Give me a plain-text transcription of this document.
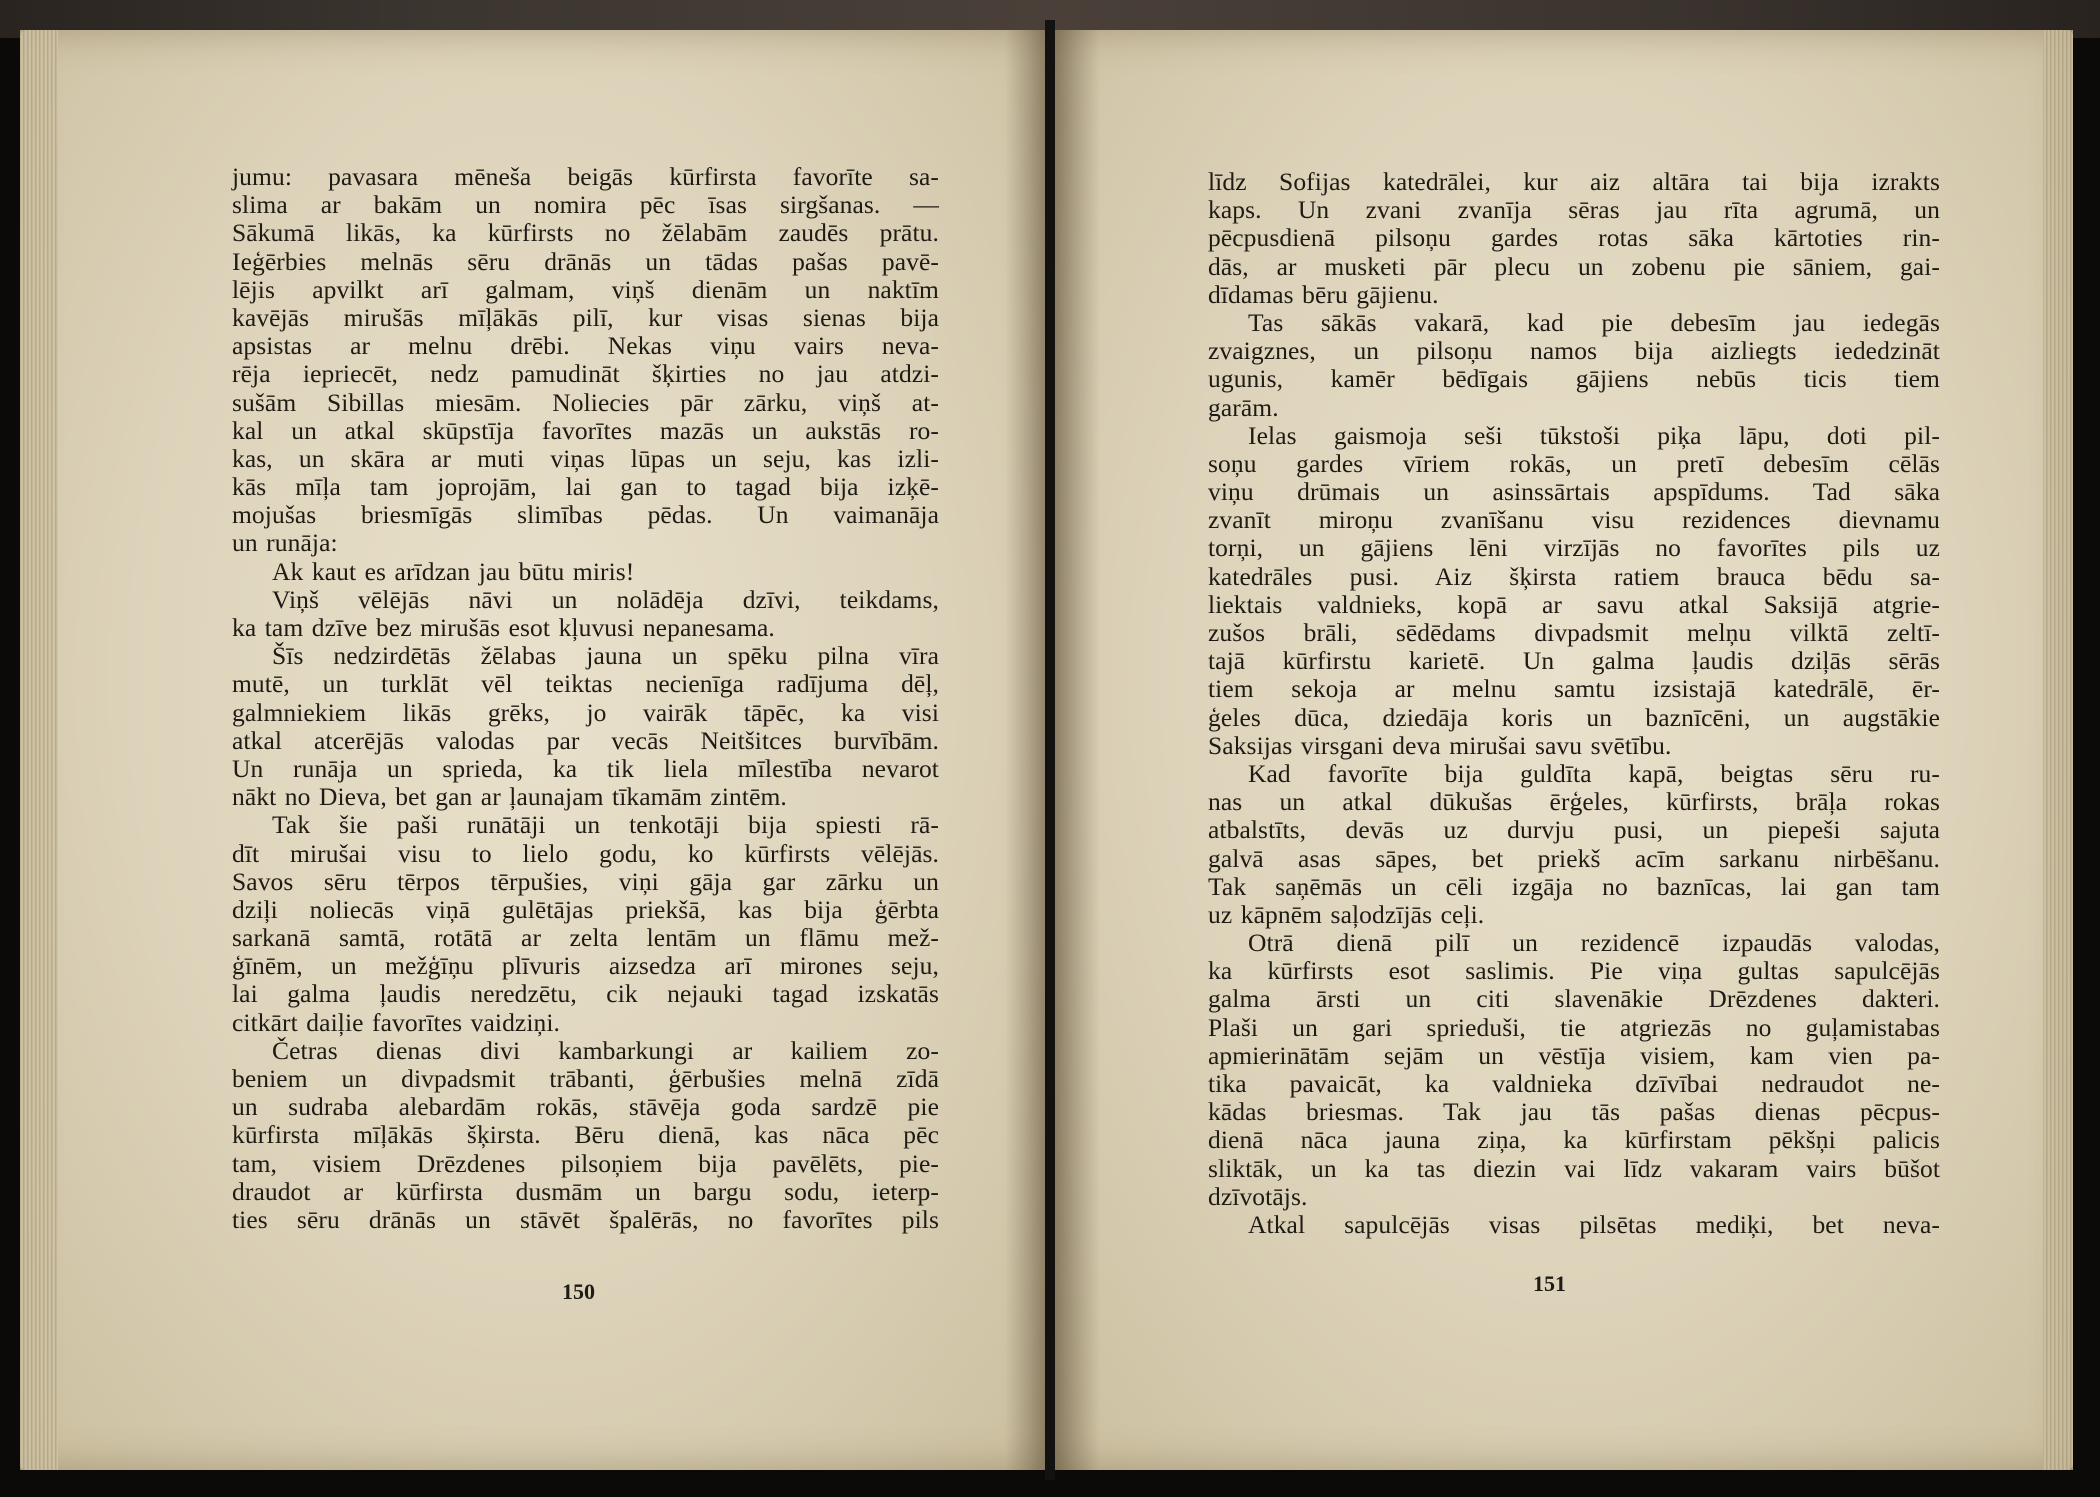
jumu: pavasara mēneša beigās kūrfirsta favorīte sa-
slima ar bakām un nomira pēc īsas sirgšanas. —
Sākumā likās, ka kūrfirsts no žēlabām zaudēs prātu.
Ieģērbies melnās sēru drānās un tādas pašas pavē-
lējis apvilkt arī galmam, viņš dienām un naktīm
kavējās mirušās mīļākās pilī, kur visas sienas bija
apsistas ar melnu drēbi. Nekas viņu vairs neva-
rēja iepriecēt, nedz pamudināt šķirties no jau atdzi-
sušām Sibillas miesām. Noliecies pār zārku, viņš at-
kal un atkal skūpstīja favorītes mazās un aukstās ro-
kas, un skāra ar muti viņas lūpas un seju, kas izli-
kās mīļa tam joprojām, lai gan to tagad bija izķē-
mojušas briesmīgās slimības pēdas. Un vaimanāja
un runāja:
Ak kaut es arīdzan jau būtu miris!
Viņš vēlējās nāvi un nolādēja dzīvi, teikdams,
ka tam dzīve bez mirušās esot kļuvusi nepanesama.
Šīs nedzirdētās žēlabas jauna un spēku pilna vīra
mutē, un turklāt vēl teiktas necienīga radījuma dēļ,
galmniekiem likās grēks, jo vairāk tāpēc, ka visi
atkal atcerējās valodas par vecās Neitšitces burvībām.
Un runāja un sprieda, ka tik liela mīlestība nevarot
nākt no Dieva, bet gan ar ļaunajam tīkamām zintēm.
Tak šie paši runātāji un tenkotāji bija spiesti rā-
dīt mirušai visu to lielo godu, ko kūrfirsts vēlējās.
Savos sēru tērpos tērpušies, viņi gāja gar zārku un
dziļi noliecās viņā gulētājas priekšā, kas bija ģērbta
sarkanā samtā, rotātā ar zelta lentām un flāmu mež-
ģīnēm, un mežģīņu plīvuris aizsedza arī mirones seju,
lai galma ļaudis neredzētu, cik nejauki tagad izskatās
citkārt daiļie favorītes vaidziņi.
Četras dienas divi kambarkungi ar kailiem zo-
beniem un divpadsmit trābanti, ģērbušies melnā zīdā
un sudraba alebardām rokās, stāvēja goda sardzē pie
kūrfirsta mīļākās šķirsta. Bēru dienā, kas nāca pēc
tam, visiem Drēzdenes pilsoņiem bija pavēlēts, pie-
draudot ar kūrfirsta dusmām un bargu sodu, ieterp-
ties sēru drānās un stāvēt špalērās, no favorītes pils
150
līdz Sofijas katedrālei, kur aiz altāra tai bija izrakts
kaps. Un zvani zvanīja sēras jau rīta agrumā, un
pēcpusdienā pilsoņu gardes rotas sāka kārtoties rin-
dās, ar musketi pār plecu un zobenu pie sāniem, gai-
dīdamas bēru gājienu.
Tas sākās vakarā, kad pie debesīm jau iedegās
zvaigznes, un pilsoņu namos bija aizliegts iededzināt
ugunis, kamēr bēdīgais gājiens nebūs ticis tiem
garām.
Ielas gaismoja seši tūkstoši piķa lāpu, doti pil-
soņu gardes vīriem rokās, un pretī debesīm cēlās
viņu drūmais un asinssārtais apspīdums. Tad sāka
zvanīt miroņu zvanīšanu visu rezidences dievnamu
torņi, un gājiens lēni virzījās no favorītes pils uz
katedrāles pusi. Aiz šķirsta ratiem brauca bēdu sa-
liektais valdnieks, kopā ar savu atkal Saksijā atgrie-
zušos brāli, sēdēdams divpadsmit melņu vilktā zeltī-
tajā kūrfirstu karietē. Un galma ļaudis dziļās sērās
tiem sekoja ar melnu samtu izsistajā katedrālē, ēr-
ģeles dūca, dziedāja koris un baznīcēni, un augstākie
Saksijas virsgani deva mirušai savu svētību.
Kad favorīte bija guldīta kapā, beigtas sēru ru-
nas un atkal dūkušas ērģeles, kūrfirsts, brāļa rokas
atbalstīts, devās uz durvju pusi, un piepeši sajuta
galvā asas sāpes, bet priekš acīm sarkanu nirbēšanu.
Tak saņēmās un cēli izgāja no baznīcas, lai gan tam
uz kāpnēm saļodzījās ceļi.
Otrā dienā pilī un rezidencē izpaudās valodas,
ka kūrfirsts esot saslimis. Pie viņa gultas sapulcējās
galma ārsti un citi slavenākie Drēzdenes dakteri.
Plaši un gari sprieduši, tie atgriezās no guļamistabas
apmierinātām sejām un vēstīja visiem, kam vien pa-
tika pavaicāt, ka valdnieka dzīvībai nedraudot ne-
kādas briesmas. Tak jau tās pašas dienas pēcpus-
dienā nāca jauna ziņa, ka kūrfirstam pēkšņi palicis
sliktāk, un ka tas diezin vai līdz vakaram vairs būšot
dzīvotājs.
Atkal sapulcējās visas pilsētas mediķi, bet neva-
151
